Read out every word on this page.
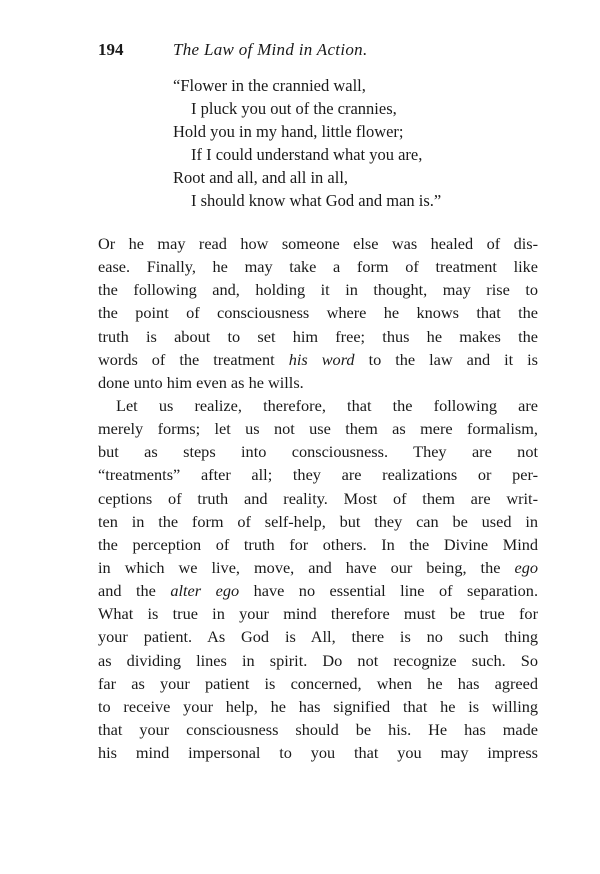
194	The Law of Mind in Action.
“Flower in the crannied wall,
I pluck you out of the crannies,
Hold you in my hand, little flower;
If I could understand what you are,
Root and all, and all in all,
I should know what God and man is.”
Or he may read how someone else was healed of dis-
ease. Finally, he may take a form of treatment like
the following and, holding it in thought, may rise to
the point of consciousness where he knows that the
truth is about to set him free; thus he makes the
words of the treatment his word to the law and it is
done unto him even as he wills.
Let us realize, therefore, that the following are
merely forms; let us not use them as mere formalism,
but as steps into consciousness. They are not
“treatments” after all; they are realizations or per-
ceptions of truth and reality. Most of them are writ-
ten in the form of self-help, but they can be used in
the perception of truth for others. In the Divine Mind
in which we live, move, and have our being, the ego
and the alter ego have no essential line of separation.
What is true in your mind therefore must be true for
your patient. As God is All, there is no such thing
as dividing lines in spirit. Do not recognize such. So
far as your patient is concerned, when he has agreed
to receive your help, he has signified that he is willing
that your consciousness should be his. He has made
his mind impersonal to you that you may impress
